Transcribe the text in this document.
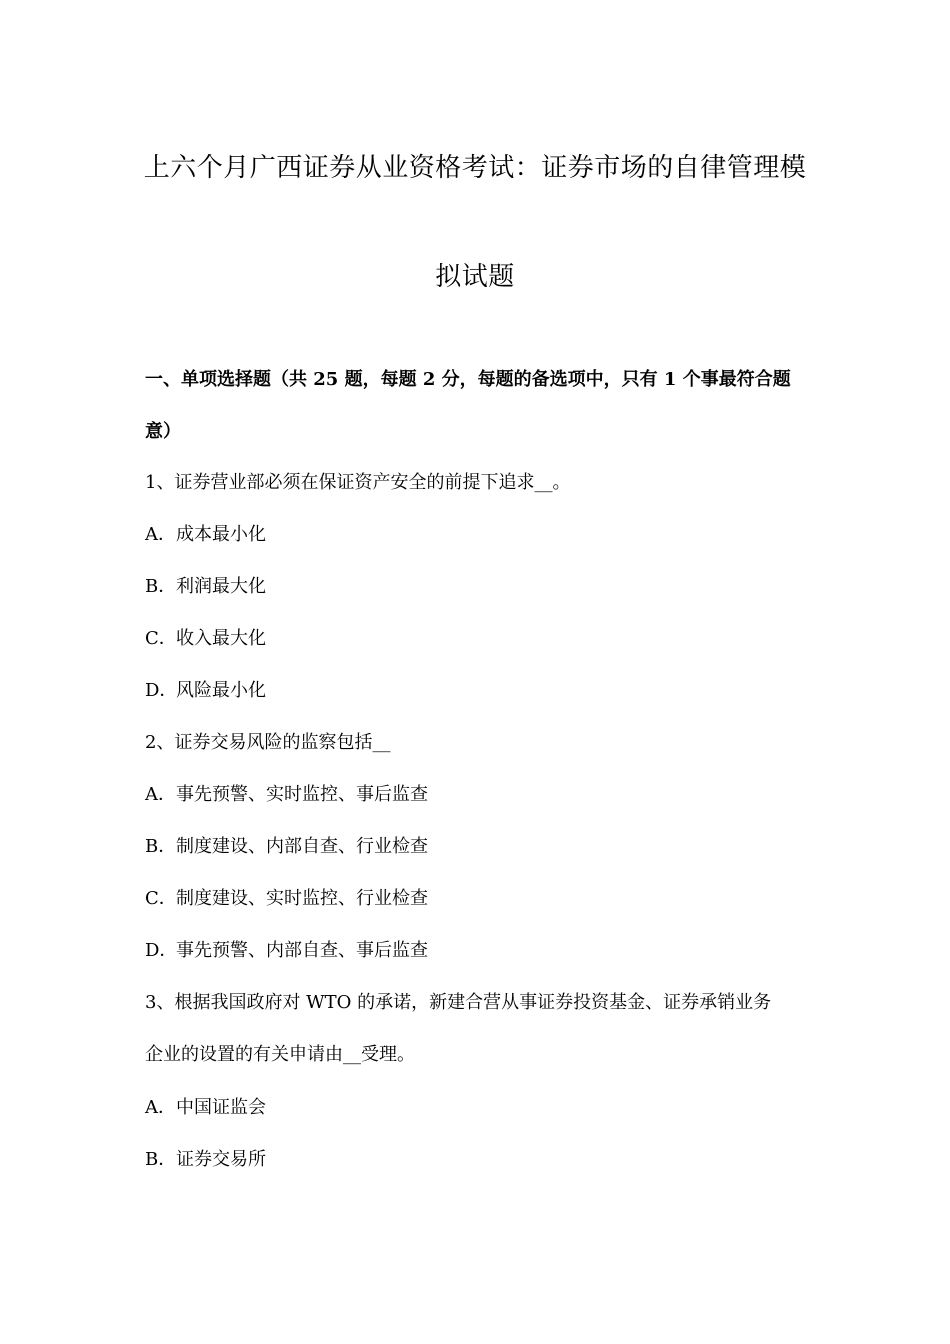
上六个月广西证券从业资格考试：证券市场的自律管理模
拟试题
一、单项选择题（共 25 题，每题 2 分，每题的备选项中，只有 1 个事最符合题
意）
1、证券营业部必须在保证资产安全的前提下追求__。
A．成本最小化
B．利润最大化
C．收入最大化
D．风险最小化
2、证券交易风险的监察包括__
A．事先预警、实时监控、事后监查
B．制度建设、内部自查、行业检查
C．制度建设、实时监控、行业检查
D．事先预警、内部自查、事后监查
3、根据我国政府对 WTO 的承诺，新建合营从事证券投资基金、证券承销业务
企业的设置的有关申请由__受理。
A．中国证监会
B．证券交易所
